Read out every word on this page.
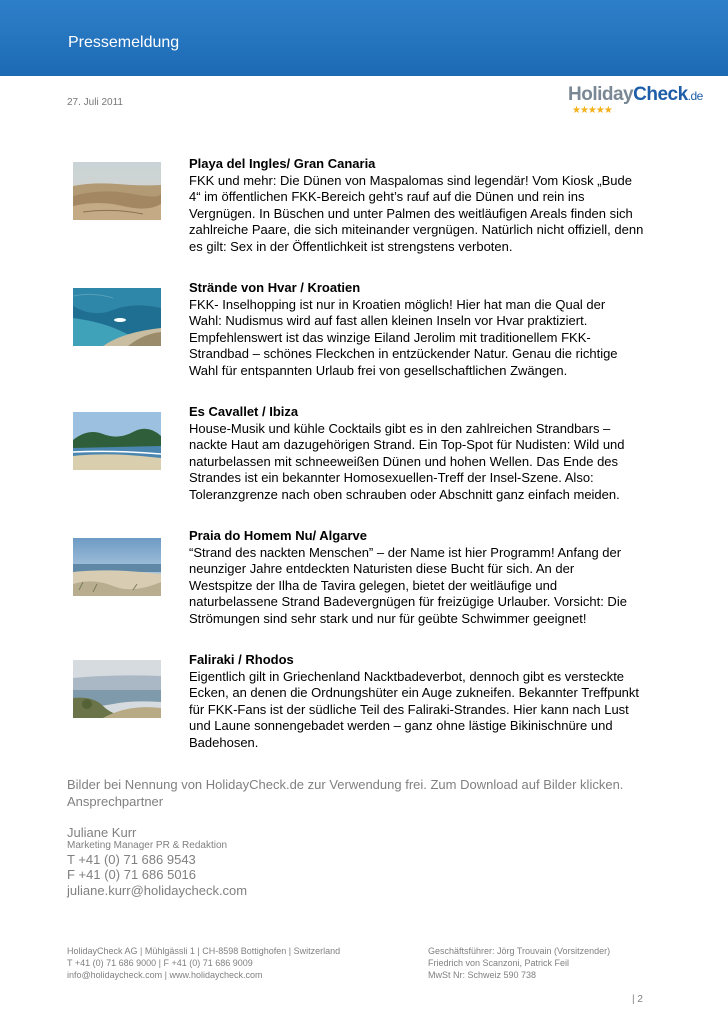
Pressemeldung
27. Juli 2011	HolidayCheck.de
★★★★★
Playa del Ingles/ Gran Canaria
FKK und mehr: Die Dünen von Maspalomas sind legendär! Vom Kiosk „Bude
4“ im öffentlichen FKK-Bereich geht’s rauf auf die Dünen und rein ins
Vergnügen. In Büschen und unter Palmen des weitläufigen Areals finden sich
zahlreiche Paare, die sich miteinander vergnügen. Natürlich nicht offiziell, denn
es gilt: Sex in der Öffentlichkeit ist strengstens verboten.
Strände von Hvar / Kroatien
FKK- Inselhopping ist nur in Kroatien möglich! Hier hat man die Qual der
Wahl: Nudismus wird auf fast allen kleinen Inseln vor Hvar praktiziert.
Empfehlenswert ist das winzige Eiland Jerolim mit traditionellem FKK-
Strandbad – schönes Fleckchen in entzückender Natur. Genau die richtige
Wahl für entspannten Urlaub frei von gesellschaftlichen Zwängen.
Es Cavallet / Ibiza
House-Musik und kühle Cocktails gibt es in den zahlreichen Strandbars –
nackte Haut am dazugehörigen Strand. Ein Top-Spot für Nudisten: Wild und
naturbelassen mit schneeweißen Dünen und hohen Wellen. Das Ende des
Strandes ist ein bekannter Homosexuellen-Treff der Insel-Szene. Also:
Toleranzgrenze nach oben schrauben oder Abschnitt ganz einfach meiden.
Praia do Homem Nu/ Algarve
“Strand des nackten Menschen” – der Name ist hier Programm! Anfang der
neunziger Jahre entdeckten Naturisten diese Bucht für sich. An der
Westspitze der Ilha de Tavira gelegen, bietet der weitläufige und
naturbelassene Strand Badevergnügen für freizügige Urlauber. Vorsicht: Die
Strömungen sind sehr stark und nur für geübte Schwimmer geeignet!
Faliraki / Rhodos
Eigentlich gilt in Griechenland Nacktbadeverbot, dennoch gibt es versteckte
Ecken, an denen die Ordnungshüter ein Auge zukneifen. Bekannter Treffpunkt
für FKK-Fans ist der südliche Teil des Faliraki-Strandes. Hier kann nach Lust
und Laune sonnengebadet werden – ganz ohne lästige Bikinischnüre und
Badehosen.
Bilder bei Nennung von HolidayCheck.de zur Verwendung frei. Zum Download auf Bilder klicken.
Ansprechpartner
Juliane Kurr
Marketing Manager PR & Redaktion
T +41 (0) 71 686 9543
F +41 (0) 71 686 5016
juliane.kurr@holidaycheck.com
HolidayCheck AG | Mühlgässli 1 | CH-8598 Bottighofen | Switzerland
T +41 (0) 71 686 9000 | F +41 (0) 71 686 9009
info@holidaycheck.com | www.holidaycheck.com
Geschäftsführer: Jörg Trouvain (Vorsitzender)
Friedrich von Scanzoni, Patrick Feil
MwSt Nr: Schweiz 590 738
| 2
